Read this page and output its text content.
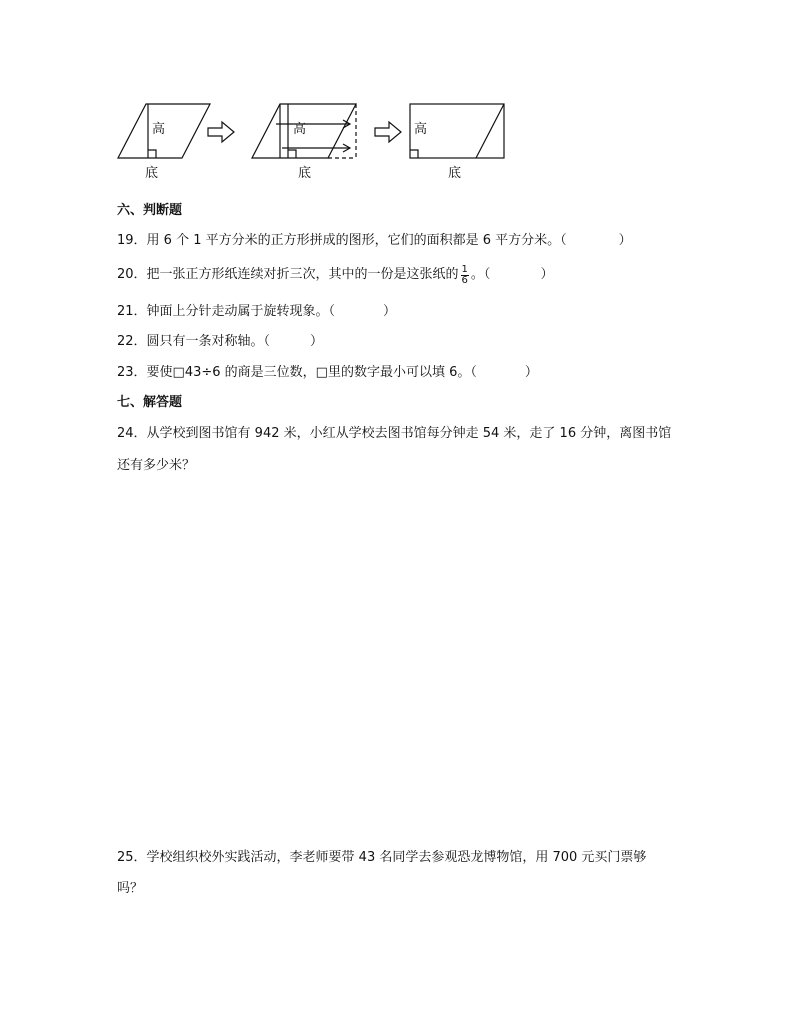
高
底
高
底
高
底
六、判断题
19．用 6 个 1 平方分米的正方形拼成的图形，它们的面积都是 6 平方分米。（	）
20．把一张正方形纸连续对折三次，其中的一份是这张纸的 $\frac{1}{6}$ 。（	）
21．钟面上分针走动属于旋转现象。（	）
22．圆只有一条对称轴。（	）
23．要使□43÷6 的商是三位数，□里的数字最小可以填 6。（	）
七、解答题
24．从学校到图书馆有 942 米，小红从学校去图书馆每分钟走 54 米，走了 16 分钟，离图书馆
还有多少米？
25．学校组织校外实践活动，李老师要带 43 名同学去参观恐龙博物馆，用 700 元买门票够
吗？
